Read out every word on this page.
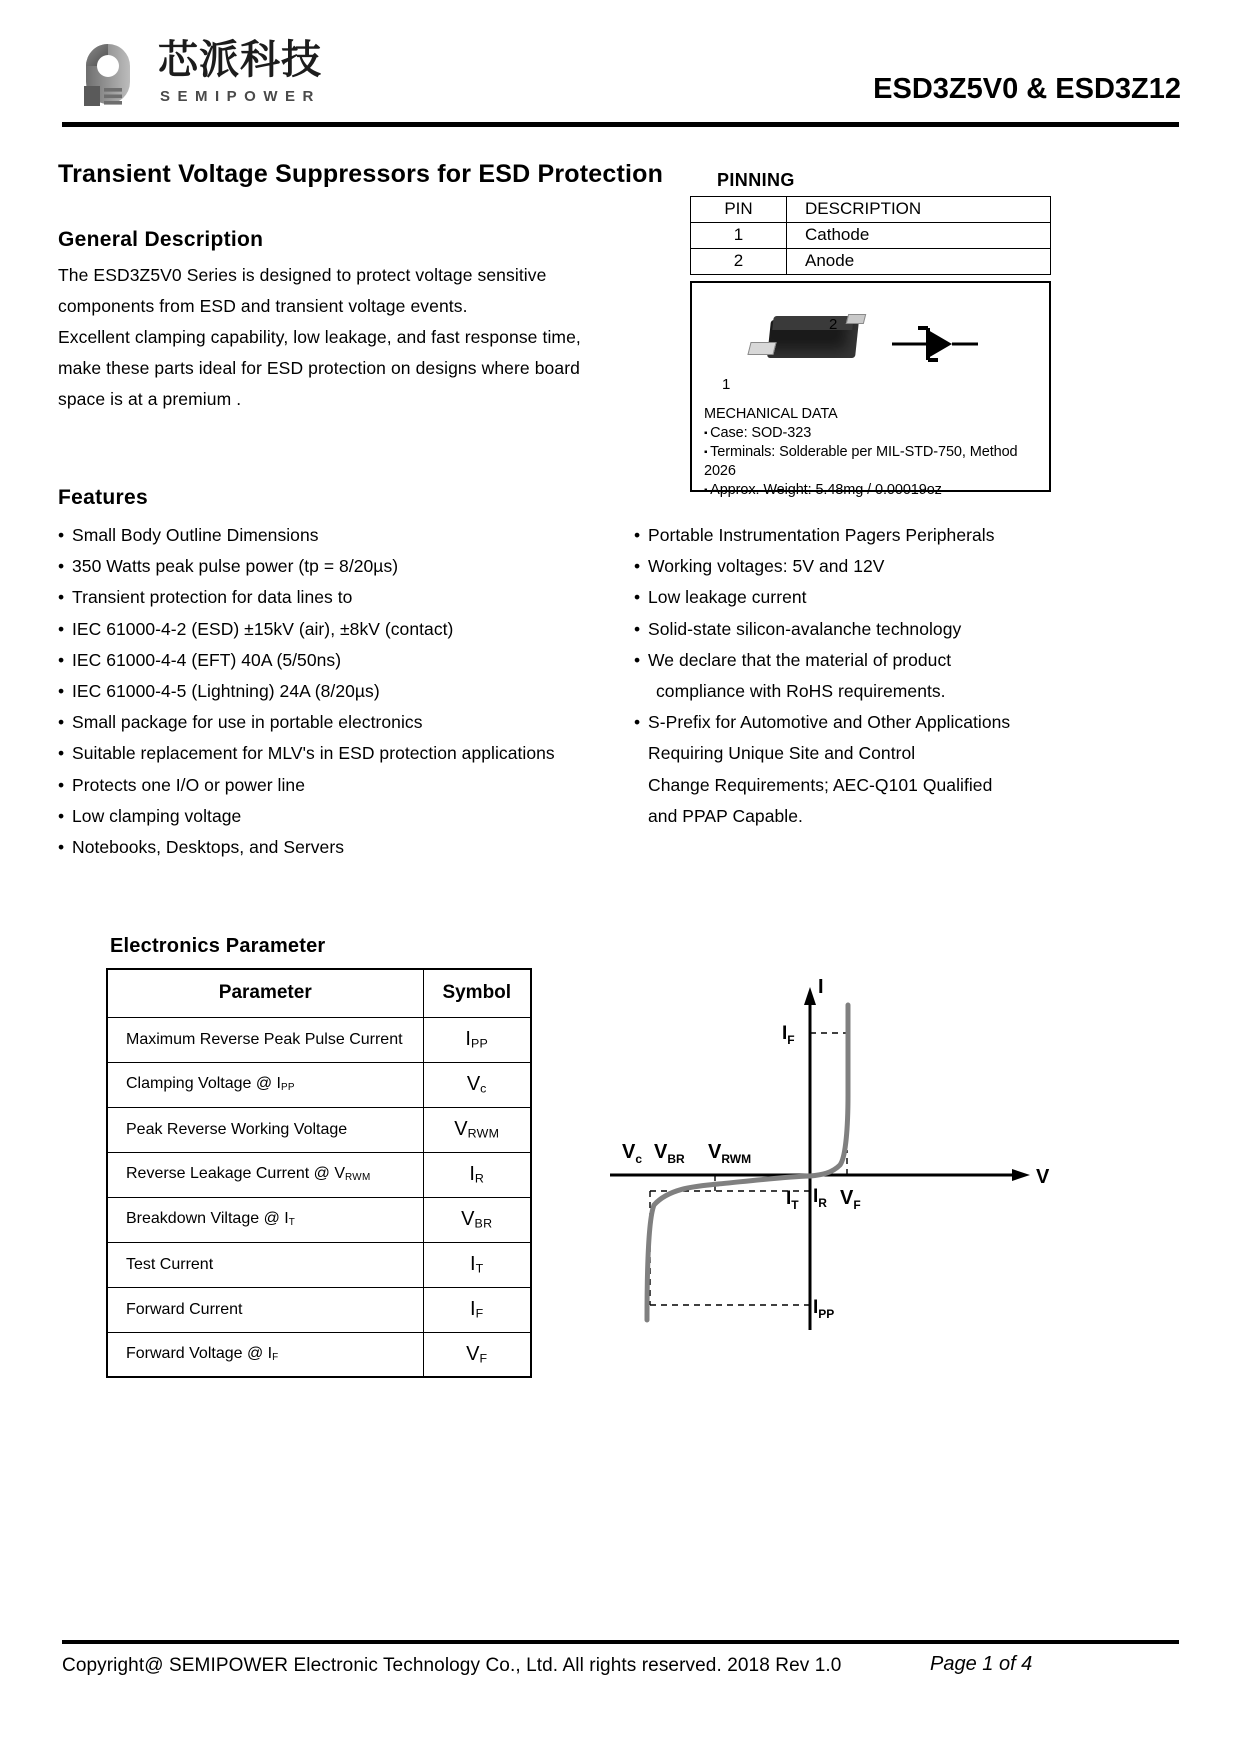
芯派科技
SEMIPOWER	ESD3Z5V0 & ESD3Z12
Transient Voltage Suppressors for ESD Protection
General Description

The ESD3Z5V0 Series is designed to protect voltage sensitive

components from ESD and transient voltage events.

Excellent clamping capability, low leakage, and fast response time,

make these parts ideal for ESD protection on designs where board

space is at a premium .

Features
• Small Body Outline Dimensions
• 350 Watts peak pulse power (tp = 8/20µs)
• Transient protection for data lines to
• IEC 61000-4-2 (ESD) ±15kV (air), ±8kV (contact)
• IEC 61000-4-4 (EFT) 40A (5/50ns)
• IEC 61000-4-5 (Lightning) 24A (8/20µs)
• Small package for use in portable electronics
• Suitable replacement for MLV's in ESD protection applications
• Protects one I/O or power line
• Low clamping voltage
• Notebooks, Desktops, and Servers
• Portable Instrumentation Pagers Peripherals
• Working voltages: 5V and 12V
• Low leakage current
• Solid-state silicon-avalanche technology
• We declare that the material of product
compliance with RoHS requirements.
• S-Prefix for Automotive and Other Applications
Requiring Unique Site and Control
Change Requirements; AEC-Q101 Qualified
and PPAP Capable.
PINNING
PIN	DESCRIPTION
1	Cathode
2	Anode
1
2

MECHANICAL DATA

▪ Case: SOD-323

▪ Terminals: Solderable per MIL-STD-750, Method 2026

▪ Approx. Weight: 5.48mg / 0.00019oz

Electronics Parameter
Parameter	Symbol
Maximum Reverse Peak Pulse Current	$I_{PP}$
Clamping Voltage @ $I_{PP}$	$V_c$
Peak Reverse Working Voltage	$V_{RWM}$
Reverse Leakage Current @ $V_{RWM}$	$I_R$
Breakdown Viltage @ $I_T$	$V_{BR}$
Test Current	$I_T$
Forward Current	$I_F$
Forward Voltage @ $I_F$	$V_F$
I
V
$V_c$ $V_{BR}$ $V_{RWM}$
$I_F$
$I_R$
$I_T$
$I_{PP}$
$V_F$
Copyright@ SEMIPOWER Electronic Technology Co., Ltd. All rights reserved. 2018 Rev 1.0	Page 1 of 4
